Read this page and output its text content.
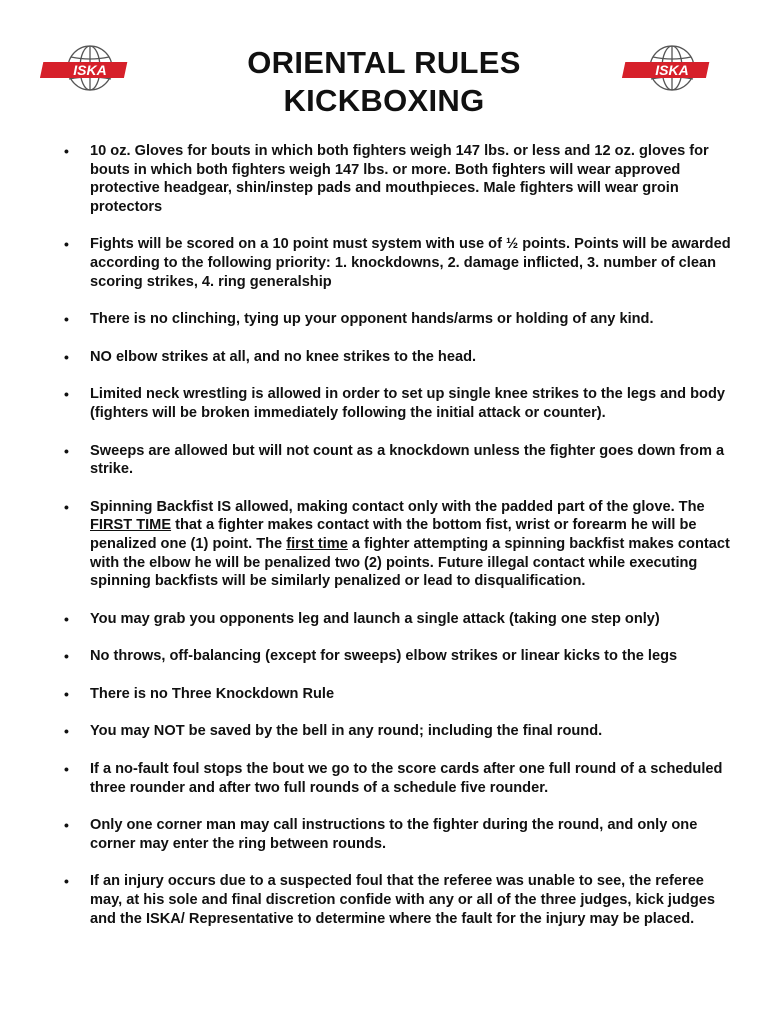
ISKA	ORIENTAL RULES
KICKBOXING
ISKA
• 10 oz. Gloves for bouts in which both fighters weigh 147 lbs. or less and 12 oz. gloves for bouts in which both fighters weigh 147 lbs. or more. Both fighters will wear approved protective headgear, shin/instep pads and mouthpieces. Male fighters will wear groin protectors
• Fights will be scored on a 10 point must system with use of ½ points. Points will be awarded according to the following priority: 1. knockdowns, 2. damage inflicted, 3. number of clean scoring strikes, 4. ring generalship
• There is no clinching, tying up your opponent hands/arms or holding of any kind.
• NO elbow strikes at all, and no knee strikes to the head.
• Limited neck wrestling is allowed in order to set up single knee strikes to the legs and body (fighters will be broken immediately following the initial attack or counter).
• Sweeps are allowed but will not count as a knockdown unless the fighter goes down from a strike.
• Spinning Backfist IS allowed, making contact only with the padded part of the glove. The FIRST TIME that a fighter makes contact with the bottom fist, wrist or forearm he will be penalized one (1) point. The first time a fighter attempting a spinning backfist makes contact with the elbow he will be penalized two (2) points. Future illegal contact while executing spinning backfists will be similarly penalized or lead to disqualification.
• You may grab you opponents leg and launch a single attack (taking one step only)
• No throws, off-balancing (except for sweeps) elbow strikes or linear kicks to the legs
• There is no Three Knockdown Rule
• You may NOT be saved by the bell in any round; including the final round.
• If a no-fault foul stops the bout we go to the score cards after one full round of a scheduled three rounder and after two full rounds of a schedule five rounder.
• Only one corner man may call instructions to the fighter during the round, and only one corner may enter the ring between rounds.
• If an injury occurs due to a suspected foul that the referee was unable to see, the referee may, at his sole and final discretion confide with any or all of the three judges, kick judges and the ISKA/ Representative to determine where the fault for the injury may be placed.
